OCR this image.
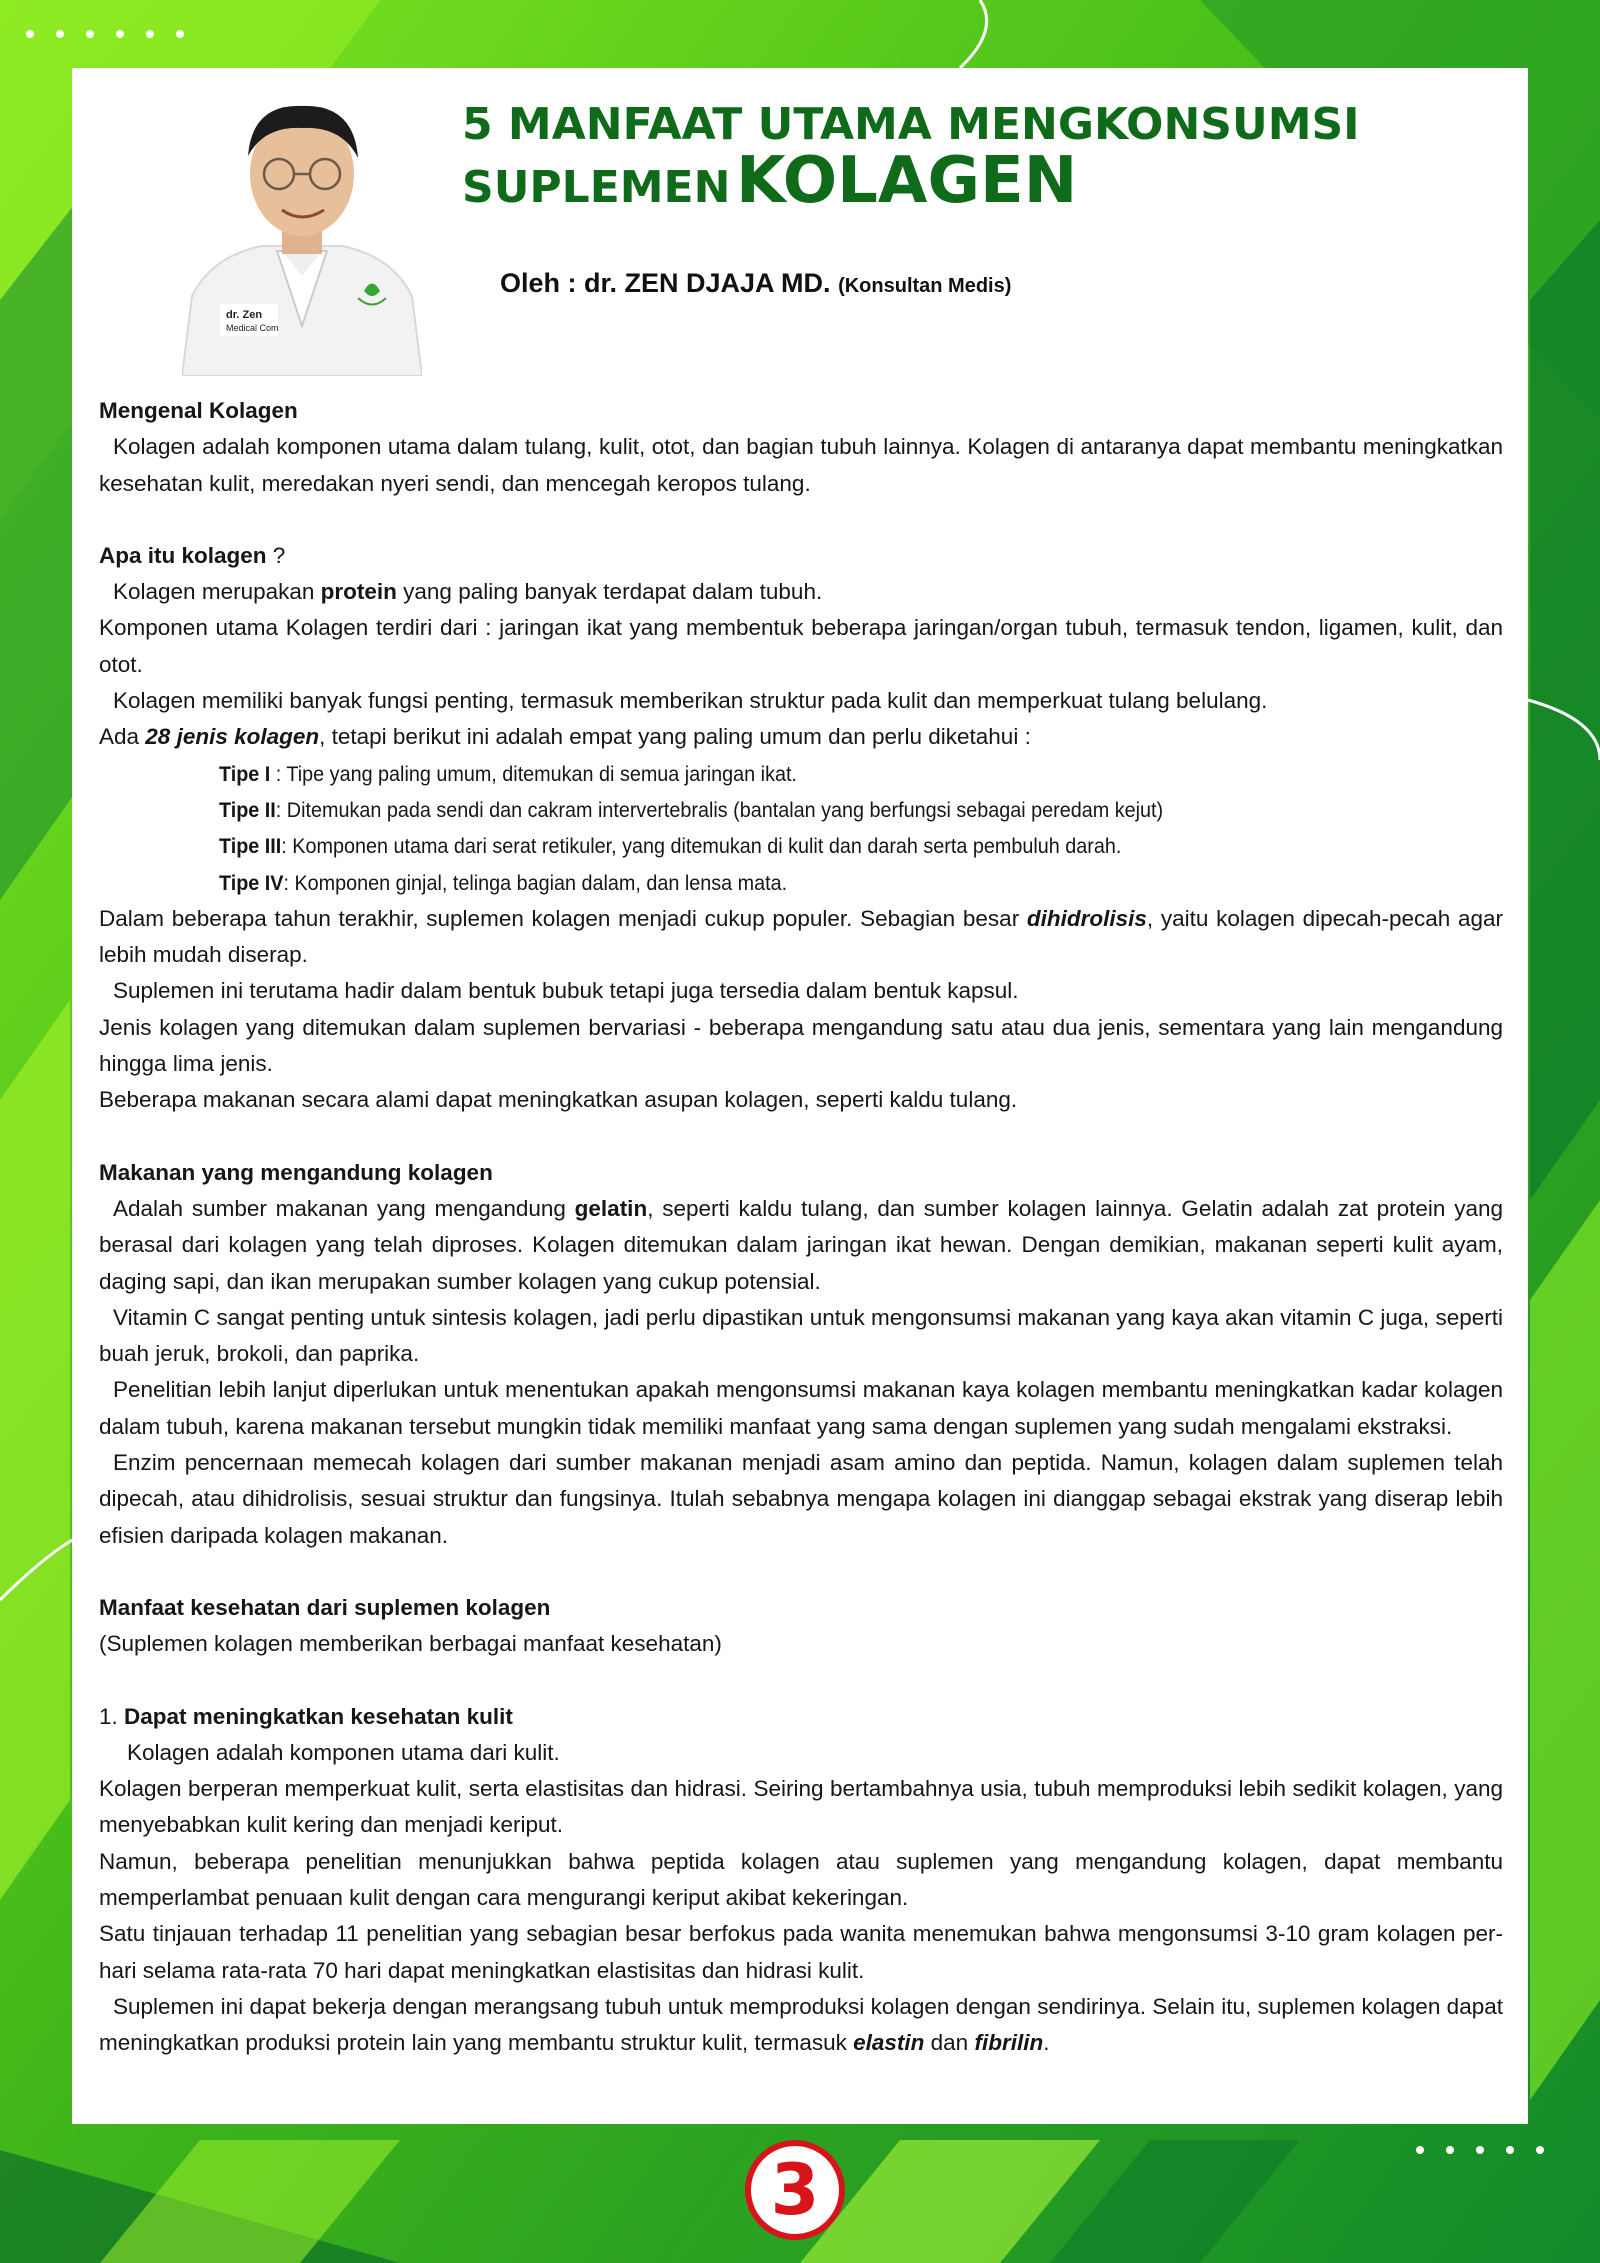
dr. Zen
Medical Com
5 MANFAAT UTAMA MENGKONSUMSI
SUPLEMEN KOLAGEN
Oleh : dr. ZEN DJAJA MD. (Konsultan Medis)
Mengenal Kolagen

Kolagen adalah komponen utama dalam tulang, kulit, otot, dan bagian tubuh lainnya. Kolagen di antaranya dapat membantu meningkatkan kesehatan kulit, meredakan nyeri sendi, dan mencegah keropos tulang.

Apa itu kolagen ?

Kolagen merupakan protein yang paling banyak terdapat dalam tubuh.

Komponen utama Kolagen terdiri dari : jaringan ikat yang membentuk beberapa jaringan/organ tubuh, termasuk tendon, ligamen, kulit, dan otot.

Kolagen memiliki banyak fungsi penting, termasuk memberikan struktur pada kulit dan memperkuat tulang belulang.

Ada 28 jenis kolagen, tetapi berikut ini adalah empat yang paling umum dan perlu diketahui :

Tipe I : Tipe yang paling umum, ditemukan di semua jaringan ikat.
Tipe II: Ditemukan pada sendi dan cakram intervertebralis (bantalan yang berfungsi sebagai peredam kejut)
Tipe III: Komponen utama dari serat retikuler, yang ditemukan di kulit dan darah serta pembuluh darah.
Tipe IV: Komponen ginjal, telinga bagian dalam, dan lensa mata.

Dalam beberapa tahun terakhir, suplemen kolagen menjadi cukup populer. Sebagian besar dihidrolisis, yaitu kolagen dipecah-pecah agar lebih mudah diserap.

Suplemen ini terutama hadir dalam bentuk bubuk tetapi juga tersedia dalam bentuk kapsul.

Jenis kolagen yang ditemukan dalam suplemen bervariasi - beberapa mengandung satu atau dua jenis, sementara yang lain mengandung hingga lima jenis.

Beberapa makanan secara alami dapat meningkatkan asupan kolagen, seperti kaldu tulang.

Makanan yang mengandung kolagen

Adalah sumber makanan yang mengandung gelatin, seperti kaldu tulang, dan sumber kolagen lainnya. Gelatin adalah zat protein yang berasal dari kolagen yang telah diproses. Kolagen ditemukan dalam jaringan ikat hewan. Dengan demikian, makanan seperti kulit ayam, daging sapi, dan ikan merupakan sumber kolagen yang cukup potensial.

Vitamin C sangat penting untuk sintesis kolagen, jadi perlu dipastikan untuk mengonsumsi makanan yang kaya akan vitamin C juga, seperti buah jeruk, brokoli, dan paprika.

Penelitian lebih lanjut diperlukan untuk menentukan apakah mengonsumsi makanan kaya kolagen membantu meningkatkan kadar kolagen dalam tubuh, karena makanan tersebut mungkin tidak memiliki manfaat yang sama dengan suplemen yang sudah mengalami ekstraksi.

Enzim pencernaan memecah kolagen dari sumber makanan menjadi asam amino dan peptida. Namun, kolagen dalam suplemen telah dipecah, atau dihidrolisis, sesuai struktur dan fungsinya. Itulah sebabnya mengapa kolagen ini dianggap sebagai ekstrak yang diserap lebih efisien daripada kolagen makanan.

Manfaat kesehatan dari suplemen kolagen

(Suplemen kolagen memberikan berbagai manfaat kesehatan)

1. Dapat meningkatkan kesehatan kulit

Kolagen adalah komponen utama dari kulit.

Kolagen berperan memperkuat kulit, serta elastisitas dan hidrasi. Seiring bertambahnya usia, tubuh memproduksi lebih sedikit kolagen, yang menyebabkan kulit kering dan menjadi keriput.

Namun, beberapa penelitian menunjukkan bahwa peptida kolagen atau suplemen yang mengandung kolagen, dapat membantu memperlambat penuaan kulit dengan cara mengurangi keriput akibat kekeringan.

Satu tinjauan terhadap 11 penelitian yang sebagian besar berfokus pada wanita menemukan bahwa mengonsumsi 3-10 gram kolagen per-hari selama rata-rata 70 hari dapat meningkatkan elastisitas dan hidrasi kulit.

Suplemen ini dapat bekerja dengan merangsang tubuh untuk memproduksi kolagen dengan sendirinya. Selain itu, suplemen kolagen dapat meningkatkan produksi protein lain yang membantu struktur kulit, termasuk elastin dan fibrilin.

3
